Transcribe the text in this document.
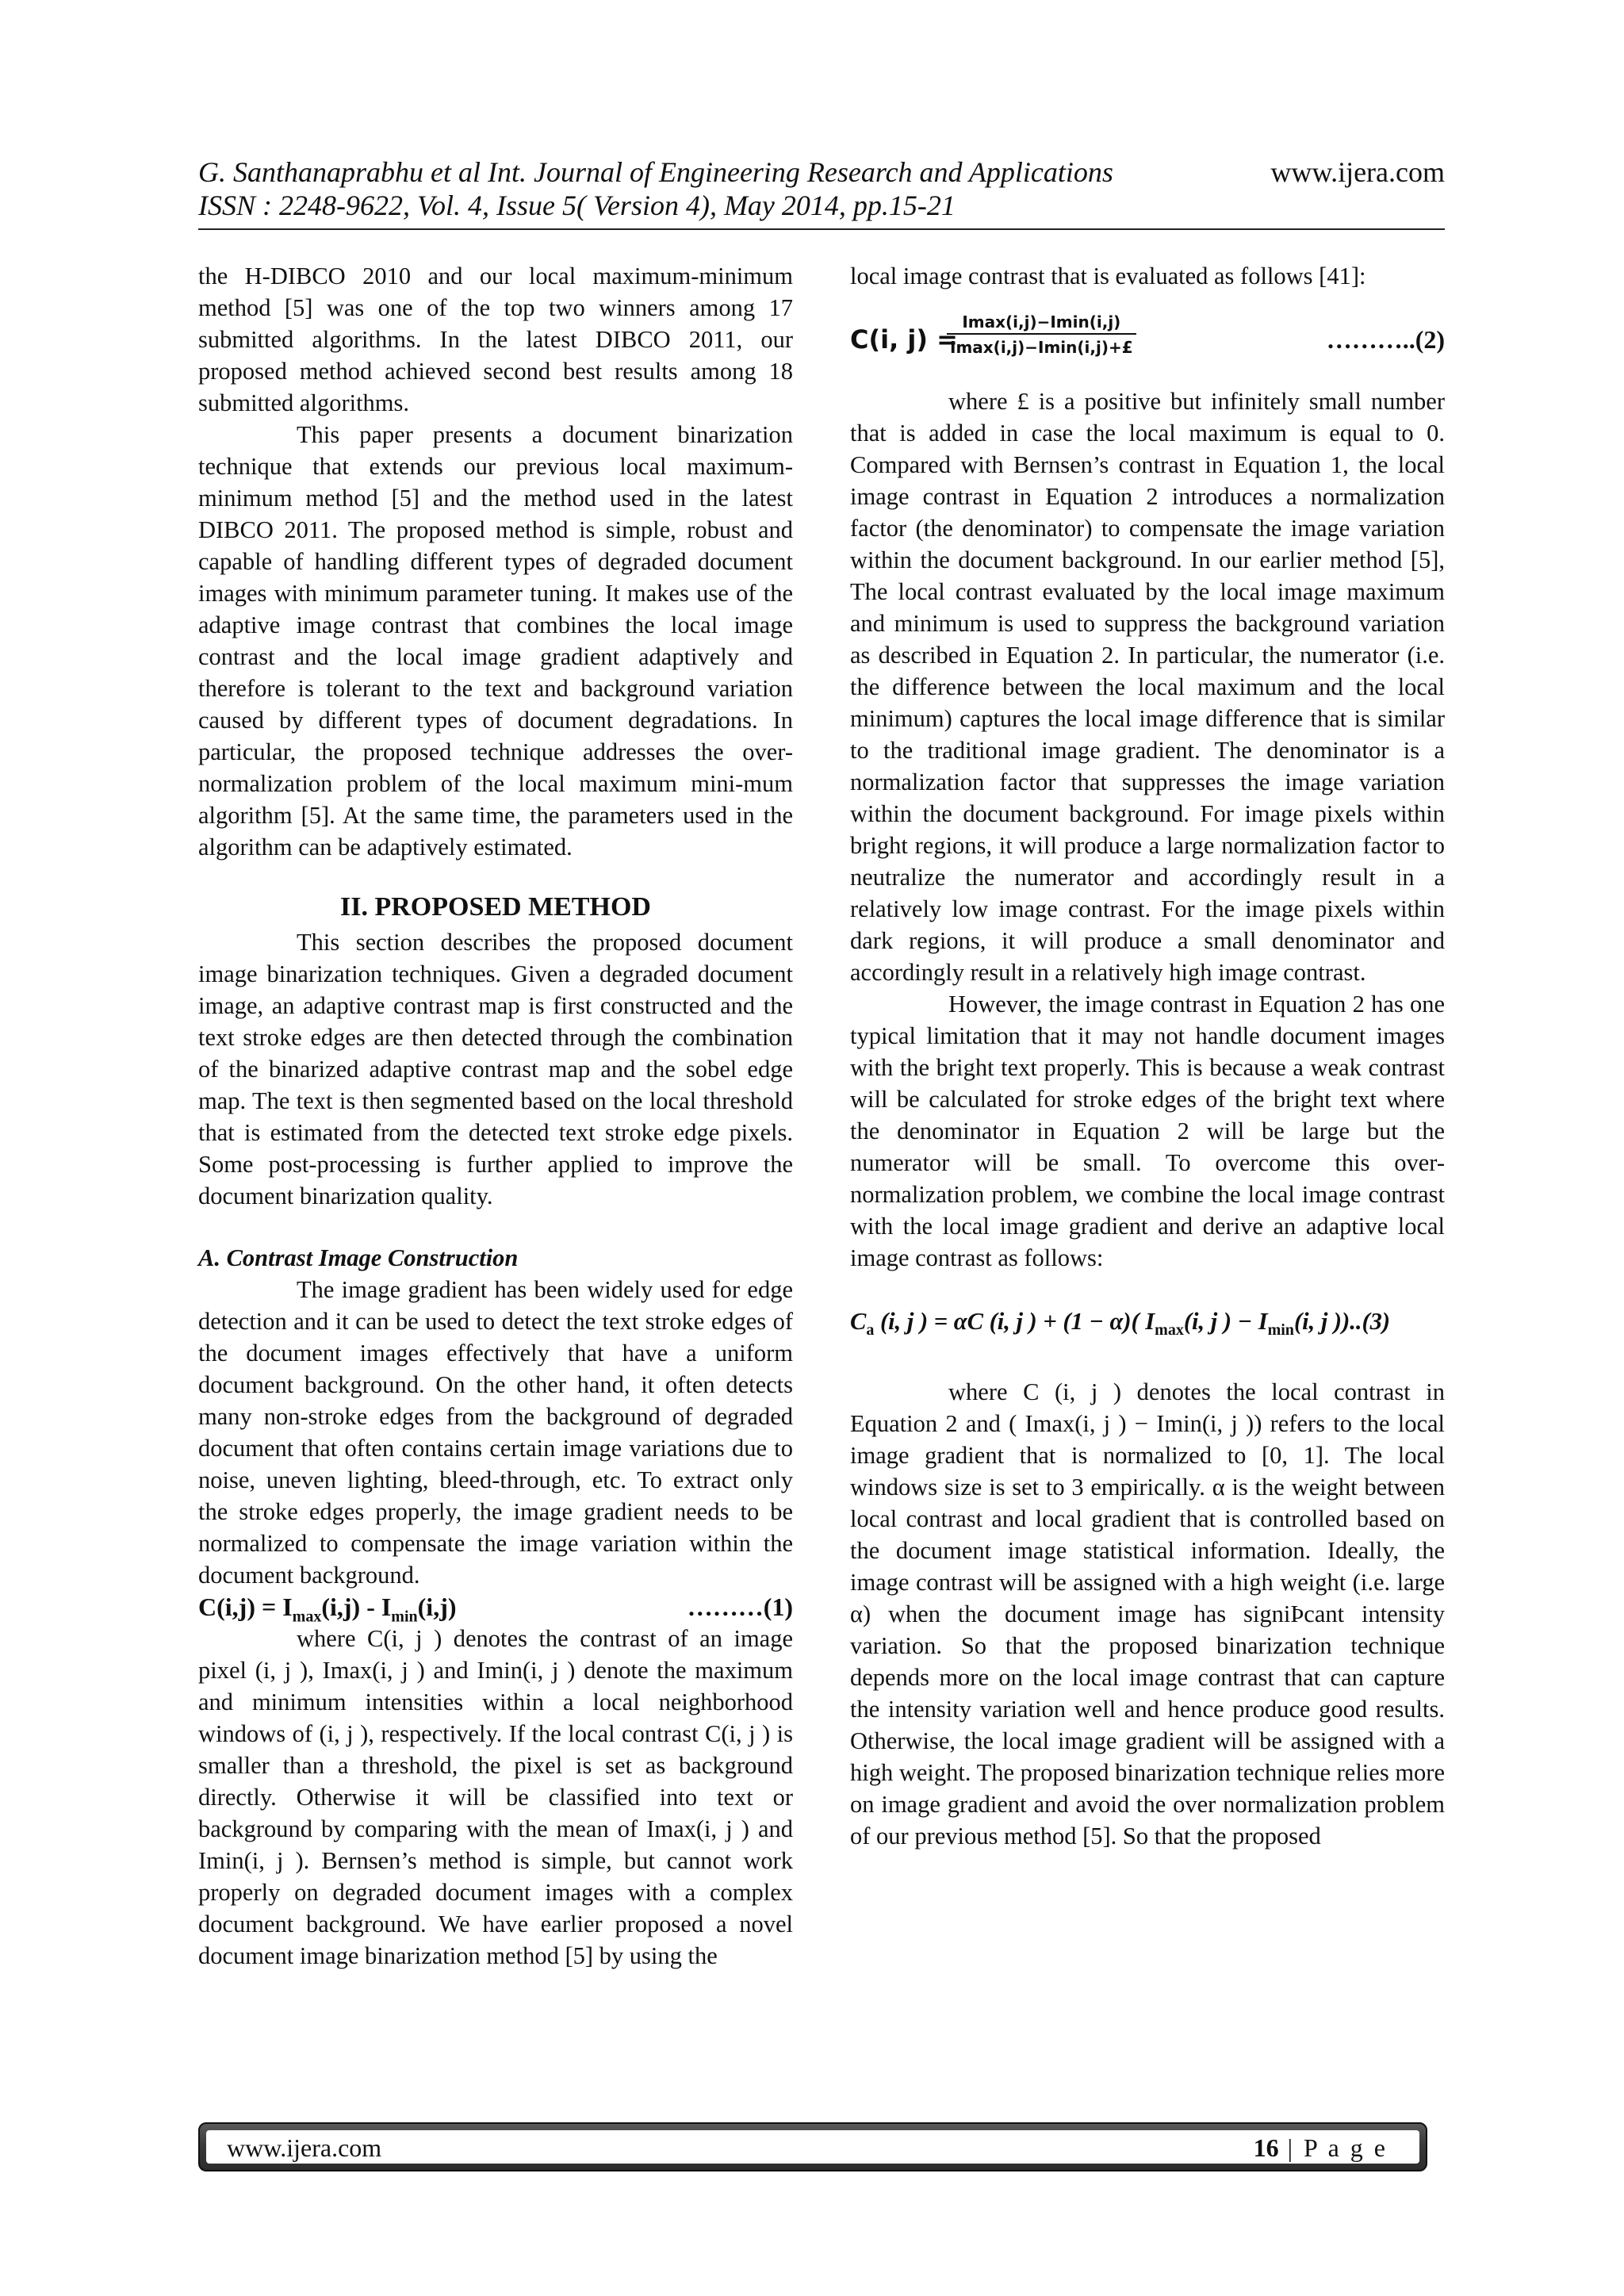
G. Santhanaprabhu et al Int. Journal of Engineering Research and Applications
ISSN : 2248-9622, Vol. 4, Issue 5( Version 4), May 2014, pp.15-21
www.ijera.com

the H-DIBCO 2010 and our local maximum-minimum method [5] was one of the top two winners among 17 submitted algorithms. In the latest DIBCO 2011, our proposed method achieved second best results among 18 submitted algorithms.

This paper presents a document binarization technique that extends our previous local maximum-minimum method [5] and the method used in the latest DIBCO 2011. The proposed method is simple, robust and capable of handling different types of degraded document images with minimum parameter tuning. It makes use of the adaptive image contrast that combines the local image contrast and the local image gradient adaptively and therefore is tolerant to the text and background variation caused by different types of document degradations. In particular, the proposed technique addresses the over-normalization problem of the local maximum mini-mum algorithm [5]. At the same time, the parameters used in the algorithm can be adaptively estimated.

II. PROPOSED METHOD

This section describes the proposed document image binarization techniques. Given a degraded document image, an adaptive contrast map is first constructed and the text stroke edges are then detected through the combination of the binarized adaptive contrast map and the sobel edge map. The text is then segmented based on the local threshold that is estimated from the detected text stroke edge pixels. Some post-processing is further applied to improve the document binarization quality.

A. Contrast Image Construction

The image gradient has been widely used for edge detection and it can be used to detect the text stroke edges of the document images effectively that have a uniform document background. On the other hand, it often detects many non-stroke edges from the background of degraded document that often contains certain image variations due to noise, uneven lighting, bleed-through, etc. To extract only the stroke edges properly, the image gradient needs to be normalized to compensate the image variation within the document background.

$C(i,j) = I_{max}(i,j) - I_{min}(i,j)$	………(1)

where C(i, j ) denotes the contrast of an image pixel (i, j ), Imax(i, j ) and Imin(i, j ) denote the maximum and minimum intensities within a local neighborhood windows of (i, j ), respectively. If the local contrast C(i, j ) is smaller than a threshold, the pixel is set as background directly. Otherwise it will be classified into text or background by comparing with the mean of Imax(i, j ) and Imin(i, j ). Bernsen’s method is simple, but cannot work properly on degraded document images with a complex document background. We have earlier proposed a novel document image binarization method [5] by using the

local image contrast that is evaluated as follows [41]:

C(i, j) =
Imax(i,j)−Imin(i,j)
Imax(i,j)−Imin(i,j)+£	………..(2)

where £ is a positive but infinitely small number that is added in case the local maximum is equal to 0. Compared with Bernsen’s contrast in Equation 1, the local image contrast in Equation 2 introduces a normalization factor (the denominator) to compensate the image variation within the document background. In our earlier method [5], The local contrast evaluated by the local image maximum and minimum is used to suppress the background variation as described in Equation 2. In particular, the numerator (i.e. the difference between the local maximum and the local minimum) captures the local image difference that is similar to the traditional image gradient. The denominator is a normalization factor that suppresses the image variation within the document background. For image pixels within bright regions, it will produce a large normalization factor to neutralize the numerator and accordingly result in a relatively low image contrast. For the image pixels within dark regions, it will produce a small denominator and accordingly result in a relatively high image contrast.

However, the image contrast in Equation 2 has one typical limitation that it may not handle document images with the bright text properly. This is because a weak contrast will be calculated for stroke edges of the bright text where the denominator in Equation 2 will be large but the numerator will be small. To overcome this over-normalization problem, we combine the local image contrast with the local image gradient and derive an adaptive local image contrast as follows:

$C_a$ (i, j ) = αC (i, j ) + (1 − α)( $I_{max}(i$, j ) − $I_{min}(i$, j ))..(3)

where C (i, j ) denotes the local contrast in Equation 2 and ( Imax(i, j ) − Imin(i, j )) refers to the local image gradient that is normalized to [0, 1]. The local windows size is set to 3 empirically. α is the weight between local contrast and local gradient that is controlled based on the document image statistical information. Ideally, the image contrast will be assigned with a high weight (i.e. large α) when the document image has signiÞcant intensity variation. So that the proposed binarization technique depends more on the local image contrast that can capture the intensity variation well and hence produce good results. Otherwise, the local image gradient will be assigned with a high weight. The proposed binarization technique relies more on image gradient and avoid the over normalization problem of our previous method [5]. So that the proposed

www.ijera.com	16 | P a g e
